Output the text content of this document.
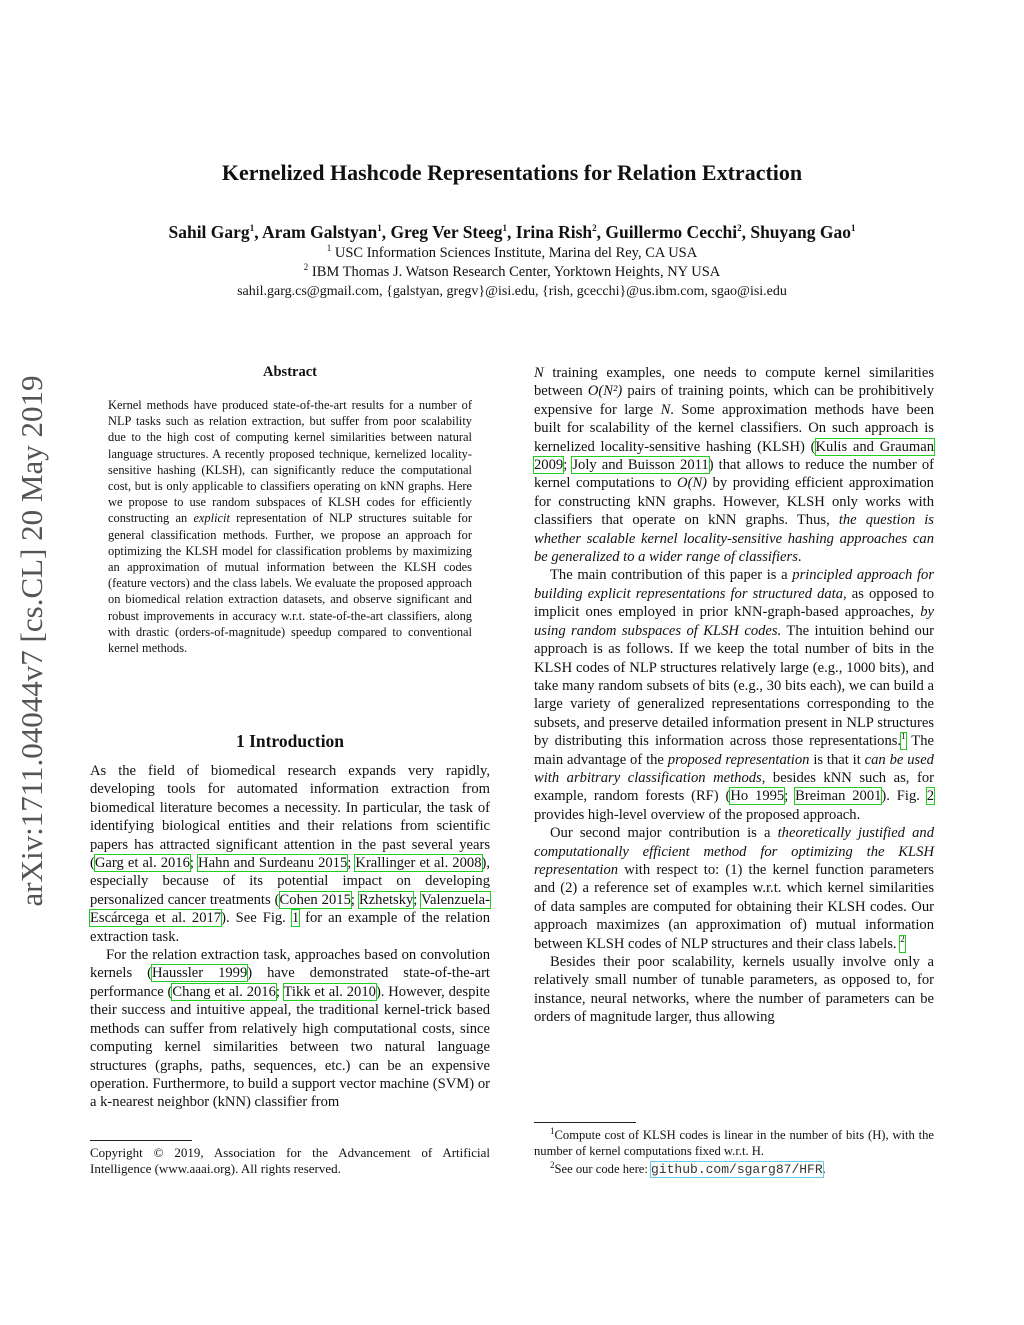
Kernelized Hashcode Representations for Relation Extraction
Sahil Garg$^1$, Aram Galstyan$^1$, Greg Ver Steeg$^1$, Irina Rish$^2$, Guillermo Cecchi$^2$, Shuyang Gao$^1$
$^1$ USC Information Sciences Institute, Marina del Rey, CA USA
$^2$ IBM Thomas J. Watson Research Center, Yorktown Heights, NY USA
sahil.garg.cs@gmail.com, {galstyan, gregv}@isi.edu, {rish, gcecchi}@us.ibm.com, sgao@isi.edu
arXiv:1711.04044v7 [cs.CL] 20 May 2019
Abstract
Kernel methods have produced state-of-the-art results for a number of NLP tasks such as relation extraction, but suffer from poor scalability due to the high cost of computing kernel similarities between natural language structures. A recently proposed technique, kernelized locality-sensitive hashing (KLSH), can significantly reduce the computational cost, but is only applicable to classifiers operating on kNN graphs. Here we propose to use random subspaces of KLSH codes for efficiently constructing an explicit representation of NLP structures suitable for general classification methods. Further, we propose an approach for optimizing the KLSH model for classification problems by maximizing an approximation of mutual information between the KLSH codes (feature vectors) and the class labels. We evaluate the proposed approach on biomedical relation extraction datasets, and observe significant and robust improvements in accuracy w.r.t. state-of-the-art classifiers, along with drastic (orders-of-magnitude) speedup compared to conventional kernel methods.
1 Introduction

As the field of biomedical research expands very rapidly, developing tools for automated information extraction from biomedical literature becomes a necessity. In particular, the task of identifying biological entities and their relations from scientific papers has attracted significant attention in the past several years (Garg et al. 2016; Hahn and Surdeanu 2015; Krallinger et al. 2008), especially because of its potential impact on developing personalized cancer treatments (Cohen 2015; Rzhetsky; Valenzuela-Escárcega et al. 2017). See Fig. 1 for an example of the relation extraction task.

For the relation extraction task, approaches based on convolution kernels (Haussler 1999) have demonstrated state-of-the-art performance (Chang et al. 2016; Tikk et al. 2010). However, despite their success and intuitive appeal, the traditional kernel-trick based methods can suffer from relatively high computational costs, since computing kernel similarities between two natural language structures (graphs, paths, sequences, etc.) can be an expensive operation. Furthermore, to build a support vector machine (SVM) or a k-nearest neighbor (kNN) classifier from

Copyright © 2019, Association for the Advancement of Artificial Intelligence (www.aaai.org). All rights reserved.

N training examples, one needs to compute kernel similarities between O(N²) pairs of training points, which can be prohibitively expensive for large N. Some approximation methods have been built for scalability of the kernel classifiers. On such approach is kernelized locality-sensitive hashing (KLSH) (Kulis and Grauman 2009; Joly and Buisson 2011) that allows to reduce the number of kernel computations to O(N) by providing efficient approximation for constructing kNN graphs. However, KLSH only works with classifiers that operate on kNN graphs. Thus, the question is whether scalable kernel locality-sensitive hashing approaches can be generalized to a wider range of classifiers.

The main contribution of this paper is a principled approach for building explicit representations for structured data, as opposed to implicit ones employed in prior kNN-graph-based approaches, by using random subspaces of KLSH codes. The intuition behind our approach is as follows. If we keep the total number of bits in the KLSH codes of NLP structures relatively large (e.g., 1000 bits), and take many random subsets of bits (e.g., 30 bits each), we can build a large variety of generalized representations corresponding to the subsets, and preserve detailed information present in NLP structures by distributing this information across those representations.$^1$ The main advantage of the proposed representation is that it can be used with arbitrary classification methods, besides kNN such as, for example, random forests (RF) (Ho 1995; Breiman 2001). Fig. 2 provides high-level overview of the proposed approach.

Our second major contribution is a theoretically justified and computationally efficient method for optimizing the KLSH representation with respect to: (1) the kernel function parameters and (2) a reference set of examples w.r.t. which kernel similarities of data samples are computed for obtaining their KLSH codes. Our approach maximizes (an approximation of) mutual information between KLSH codes of NLP structures and their class labels. $^2$

Besides their poor scalability, kernels usually involve only a relatively small number of tunable parameters, as opposed to, for instance, neural networks, where the number of parameters can be orders of magnitude larger, thus allowing

$^1$Compute cost of KLSH codes is linear in the number of bits (H), with the number of kernel computations fixed w.r.t. H.
$^2$See our code here: github.com/sgarg87/HFR.
